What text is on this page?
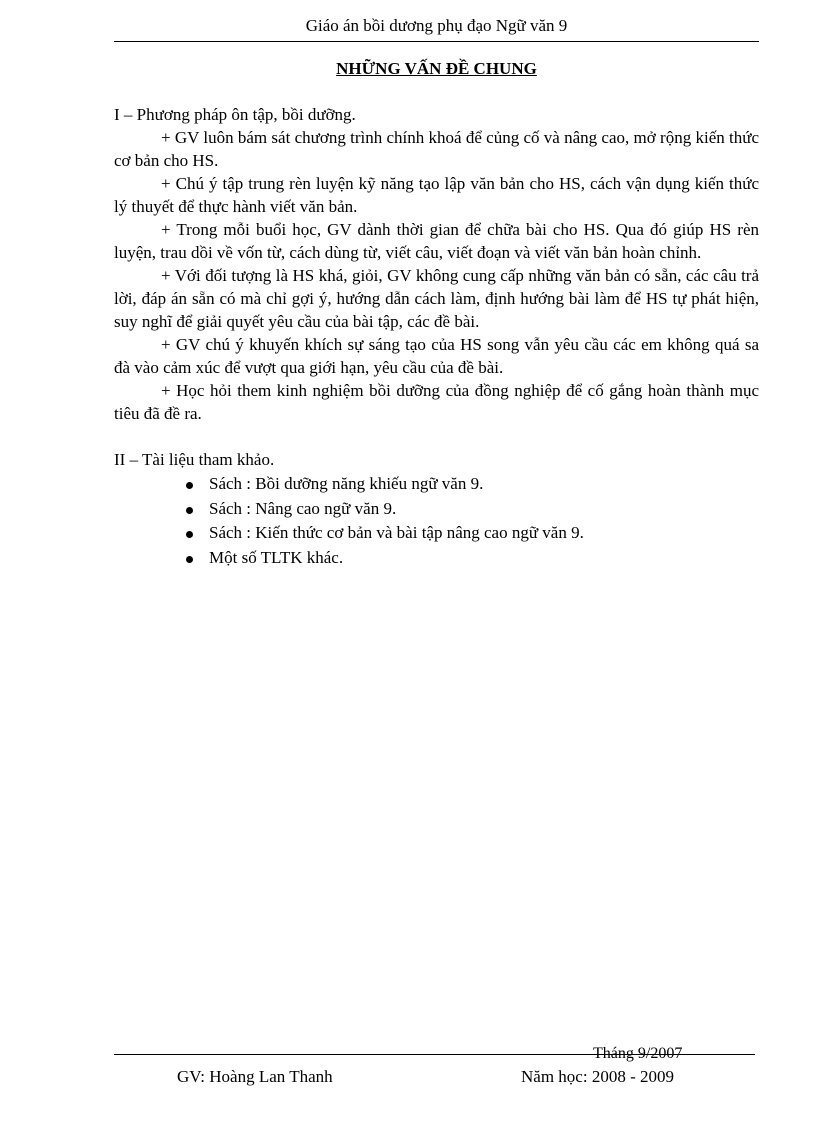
Giáo án bồi dương phụ đạo Ngữ văn 9
NHỮNG VẤN ĐỀ CHUNG

I – Phương pháp ôn tập, bồi dưỡng.

+ GV luôn bám sát chương trình chính khoá để củng cố và nâng cao, mở rộng kiến thức cơ bản cho HS.

+ Chú ý tập trung rèn luyện kỹ năng tạo lập văn bản cho HS, cách vận dụng kiến thức lý thuyết để thực hành viết văn bản.

+ Trong mỗi buổi học, GV dành thời gian để chữa bài cho HS. Qua đó giúp HS rèn luyện, trau dồi về vốn từ, cách dùng từ, viết câu, viết đoạn và viết văn bản hoàn chỉnh.

+ Với đối tượng là HS khá, giỏi, GV không cung cấp những văn bản có sẵn, các câu trả lời, đáp án sẵn có mà chỉ gợi ý, hướng dẫn cách làm, định hướng bài làm để HS tự phát hiện, suy nghĩ để giải quyết yêu cầu của bài tập, các đề bài.

+ GV chú ý khuyến khích sự sáng tạo của HS song vẫn yêu cầu các em không quá sa đà vào cảm xúc để vượt qua giới hạn, yêu cầu của đề bài.

+ Học hỏi them kinh nghiệm bồi dưỡng của đồng nghiệp để cố gắng hoàn thành mục tiêu đã đề ra.

II – Tài liệu tham khảo.

Sách : Bồi dưỡng năng khiếu ngữ văn 9.
Sách : Nâng cao ngữ văn 9.
Sách : Kiến thức cơ bản và bài tập nâng cao ngữ văn 9.
Một số TLTK khác.
Tháng 9/2007
GV: Hoàng Lan Thanh	Năm học: 2008 - 2009
